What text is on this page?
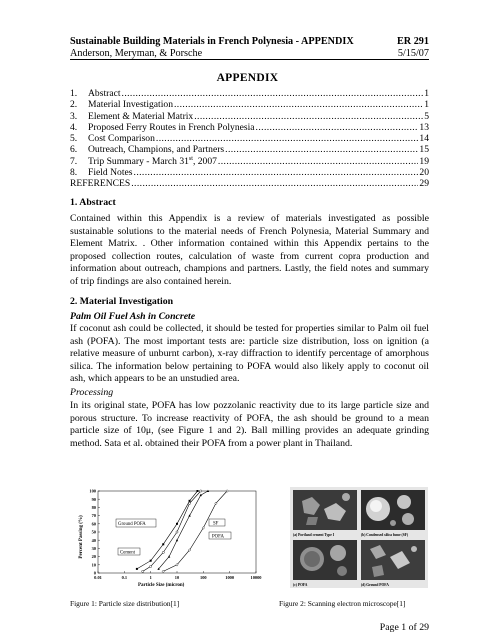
Sustainable Building Materials in French Polynesia - APPENDIX	ER 291
Anderson, Meryman, & Porsche	5/15/07
APPENDIX
1.	Abstract .....	1
2.	Material Investigation .....	1
3.	Element & Material Matrix .....	5
4.	Proposed Ferry Routes in French Polynesia .....	13
5.	Cost Comparison .....	14
6.	Outreach, Champions, and Partners .....	15
7.	Trip Summary - March 31st, 2007 .....	19
8.	Field Notes .....	20
REFERENCES .....	29
1. Abstract
Contained within this Appendix is a review of materials investigated as possible sustainable solutions to the material needs of French Polynesia, Material Summary and Element Matrix. . Other information contained within this Appendix pertains to the proposed collection routes, calculation of waste from current copra production and information about outreach, champions and partners. Lastly, the field notes and summary of trip findings are also contained herein.
2. Material Investigation
Palm Oil Fuel Ash in Concrete
If coconut ash could be collected, it should be tested for properties similar to Palm oil fuel ash (POFA). The most important tests are: particle size distribution, loss on ignition (a relative measure of unburnt carbon), x-ray diffraction to identify percentage of amorphous silica. The information below pertaining to POFA would also likely apply to coconut oil ash, which appears to be an unstudied area.
Processing
In its original state, POFA has low pozzolanic reactivity due to its large particle size and porous structure. To increase reactivity of POFA, the ash should be ground to a mean particle size of 10μ, (see Figure 1 and 2). Ball milling provides an adequate grinding method. Sata et al. obtained their POFA from a power plant in Thailand.
0
10
20
30
40
50
60
70
80
90
100
0.01	0.1	1	10	100	1000	10000
Percent Passing (%)
Particle Size (micron)
Ground POFA
Cement
SF
POFA	(a) Portland cement Type I	(b) Condensed silica fume (SF)
(c) POFA	(d) Ground POFA
Figure 1: Particle size distribution[1]	Figure 2: Scanning electron microscope[1]
Page 1 of 29
